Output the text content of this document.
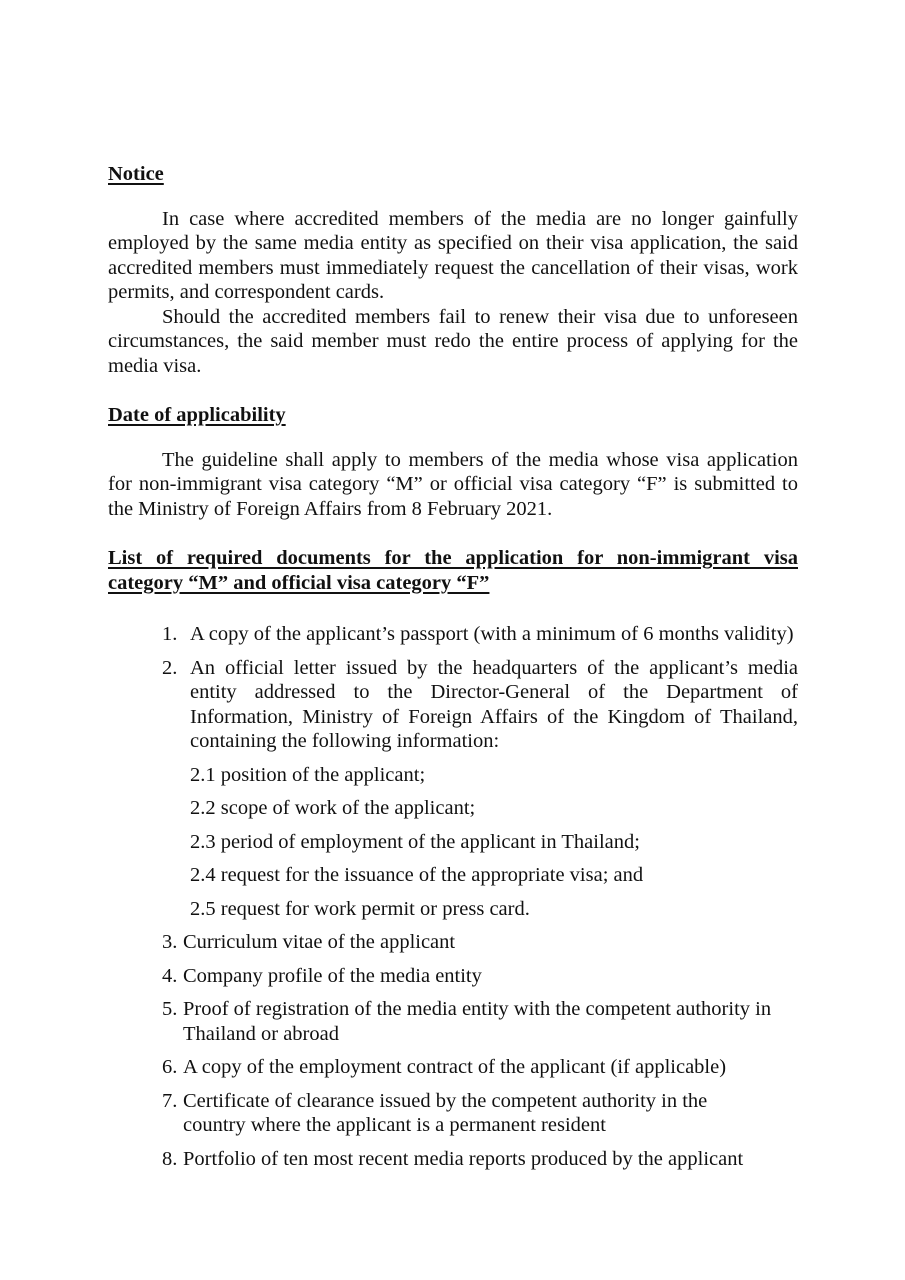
Notice

In case where accredited members of the media are no longer gainfully employed by the same media entity as specified on their visa application, the said accredited members must immediately request the cancellation of their visas, work permits, and correspondent cards.

Should the accredited members fail to renew their visa due to unforeseen circumstances, the said member must redo the entire process of applying for the media visa.

Date of applicability

The guideline shall apply to members of the media whose visa application for non-immigrant visa category “M” or official visa category “F” is submitted to the Ministry of Foreign Affairs from 8 February 2021.

List of required documents for the application for non-immigrant visa category “M” and official visa category “F”

1. A copy of the applicant’s passport (with a minimum of 6 months validity)
2. An official letter issued by the headquarters of the applicant’s media entity addressed to the Director-General of the Department of Information, Ministry of Foreign Affairs of the Kingdom of Thailand, containing the following information:
2.1 position of the applicant;
2.2 scope of work of the applicant;
2.3 period of employment of the applicant in Thailand;
2.4 request for the issuance of the appropriate visa; and
2.5 request for work permit or press card.
3. Curriculum vitae of the applicant
4. Company profile of the media entity
5. Proof of registration of the media entity with the competent authority in Thailand or abroad
6. A copy of the employment contract of the applicant (if applicable)
7. Certificate of clearance issued by the competent authority in the country where the applicant is a permanent resident
8. Portfolio of ten most recent media reports produced by the applicant
